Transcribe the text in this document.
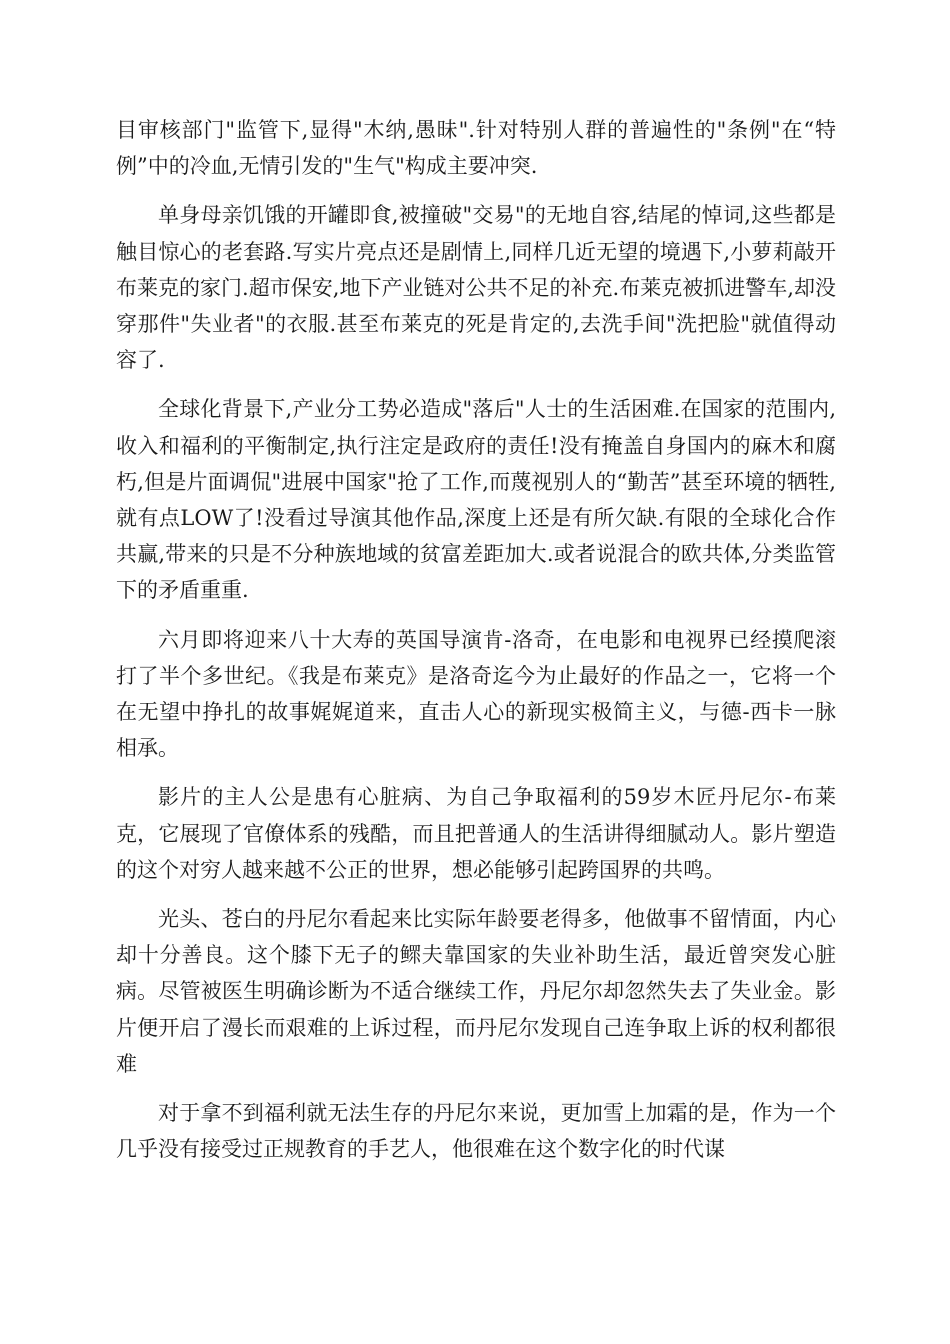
目审核部门"监管下,显得"木纳,愚昧".针对特别人群的普遍性的"条例"在“特例”中的冷血,无情引发的"生气"构成主要冲突.

单身母亲饥饿的开罐即食,被撞破"交易"的无地自容,结尾的悼词,这些都是触目惊心的老套路.写实片亮点还是剧情上,同样几近无望的境遇下,小萝莉敲开布莱克的家门.超市保安,地下产业链对公共不足的补充.布莱克被抓进警车,却没穿那件"失业者"的衣服.甚至布莱克的死是肯定的,去洗手间"洗把脸"就值得动容了.

全球化背景下,产业分工势必造成"落后"人士的生活困难.在国家的范围内,收入和福利的平衡制定,执行注定是政府的责任!没有掩盖自身国内的麻木和腐朽,但是片面调侃"进展中国家"抢了工作,而蔑视别人的“勤苦”甚至环境的牺牲,就有点LOW了!没看过导演其他作品,深度上还是有所欠缺.有限的全球化合作共赢,带来的只是不分种族地域的贫富差距加大.或者说混合的欧共体,分类监管下的矛盾重重.

六月即将迎来八十大寿的英国导演肯-洛奇，在电影和电视界已经摸爬滚打了半个多世纪。《我是布莱克》是洛奇迄今为止最好的作品之一，它将一个在无望中挣扎的故事娓娓道来，直击人心的新现实极简主义，与德-西卡一脉相承。

影片的主人公是患有心脏病、为自己争取福利的59岁木匠丹尼尔-布莱克，它展现了官僚体系的残酷，而且把普通人的生活讲得细腻动人。影片塑造的这个对穷人越来越不公正的世界，想必能够引起跨国界的共鸣。

光头、苍白的丹尼尔看起来比实际年龄要老得多，他做事不留情面，内心却十分善良。这个膝下无子的鳏夫靠国家的失业补助生活，最近曾突发心脏病。尽管被医生明确诊断为不适合继续工作，丹尼尔却忽然失去了失业金。影片便开启了漫长而艰难的上诉过程，而丹尼尔发现自己连争取上诉的权利都很难

对于拿不到福利就无法生存的丹尼尔来说，更加雪上加霜的是，作为一个几乎没有接受过正规教育的手艺人，他很难在这个数字化的时代谋
